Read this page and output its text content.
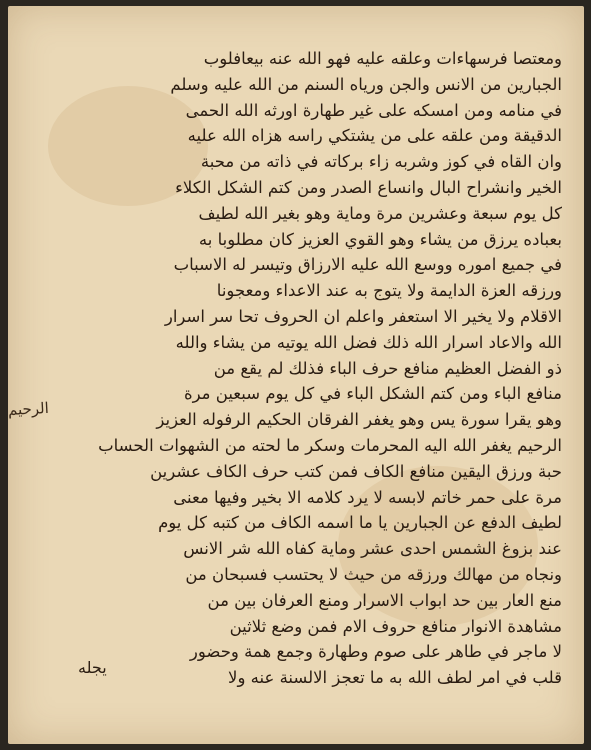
ومعتصا فرسهاءات وعلقه عليه فهو الله عنه بيعافلوب
الجبارين من الانس والجن ورياه السنم من الله عليه وسلم
في منامه ومن امسكه على غير طهارة اورثه الله الحمى
الدقيقة ومن علقه على من يشتكي راسه هزاه الله عليه
وان القاه في كوز وشربه زاء بركاته في ذاته من محبة
الخير وانشراح البال وانساع الصدر ومن كتم الشكل الكلاء
كل يوم سبعة وعشرين مرة وماية وهو بغير الله لطيف
بعباده يرزق من يشاء وهو القوي العزيز كان مطلوبا به
في جميع اموره ووسع الله عليه الارزاق وتيسر له الاسباب
ورزقه العزة الدايمة ولا يتوج به عند الاعداء ومعجونا
الاقلام ولا يخير الا استعفر واعلم ان الحروف تحا سر اسرار
الله والاعاد اسرار الله ذلك فضل الله يوتيه من يشاء والله
ذو الفضل العظيم منافع حرف الباء فذلك لم يقع من
منافع الباء ومن كتم الشكل الباء في كل يوم سبعين مرة
وهو يقرا سورة يس وهو يغفر الفرقان الحكيم الرفوله العزيز
الرحيم يغفر الله اليه المحرمات وسكر ما لحته من الشهوات الحساب
حبة ورزق اليقين منافع الكاف فمن كتب حرف الكاف عشرين
مرة على حمر خاتم لابسه لا يرد كلامه الا بخير وفيها معنى
لطيف الدفع عن الجبارين يا ما اسمه الكاف من كتبه كل يوم
عند بزوغ الشمس احدى عشر وماية كفاه الله شر الانس
ونجاه من مهالك ورزقه من حيث لا يحتسب فسبحان من
منع العار بين حد ابواب الاسرار ومنع العرفان بين من
مشاهدة الانوار منافع حروف الام فمن وضع ثلاثين
لا ماجر في طاهر على صوم وطهارة وجمع همة وحضور
قلب في امر لطف الله به ما تعجز الالسنة عنه ولا
الرحيم
يجله
